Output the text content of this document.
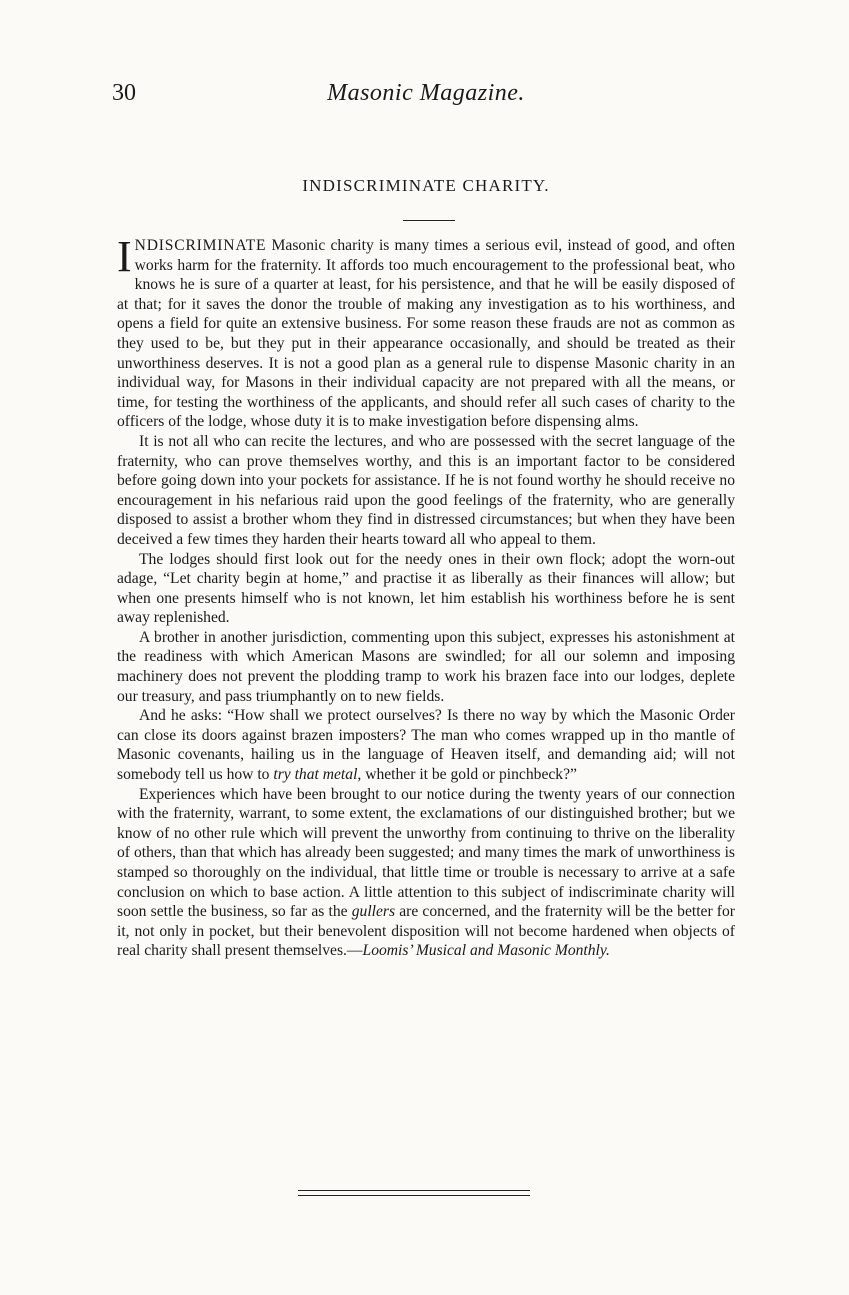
30	Masonic Magazine.
INDISCRIMINATE CHARITY.

INDISCRIMINATE Masonic charity is many times a serious evil, instead of good, and often works harm for the fraternity. It affords too much encouragement to the professional beat, who knows he is sure of a quarter at least, for his persistence, and that he will be easily disposed of at that; for it saves the donor the trouble of making any investigation as to his worthiness, and opens a field for quite an extensive business. For some reason these frauds are not as common as they used to be, but they put in their appearance occasionally, and should be treated as their unworthiness deserves. It is not a good plan as a general rule to dispense Masonic charity in an individual way, for Masons in their individual capacity are not prepared with all the means, or time, for testing the worthiness of the applicants, and should refer all such cases of charity to the officers of the lodge, whose duty it is to make investigation before dispensing alms.

It is not all who can recite the lectures, and who are possessed with the secret language of the fraternity, who can prove themselves worthy, and this is an important factor to be considered before going down into your pockets for assistance. If he is not found worthy he should receive no encouragement in his nefarious raid upon the good feelings of the fraternity, who are generally disposed to assist a brother whom they find in distressed circumstances; but when they have been deceived a few times they harden their hearts toward all who appeal to them.

The lodges should first look out for the needy ones in their own flock; adopt the worn-out adage, “Let charity begin at home,” and practise it as liberally as their finances will allow; but when one presents himself who is not known, let him establish his worthiness before he is sent away replenished.

A brother in another jurisdiction, commenting upon this subject, expresses his astonishment at the readiness with which American Masons are swindled; for all our solemn and imposing machinery does not prevent the plodding tramp to work his brazen face into our lodges, deplete our treasury, and pass triumphantly on to new fields.

And he asks: “How shall we protect ourselves? Is there no way by which the Masonic Order can close its doors against brazen imposters? The man who comes wrapped up in tho mantle of Masonic covenants, hailing us in the language of Heaven itself, and demanding aid; will not somebody tell us how to try that metal, whether it be gold or pinchbeck?”

Experiences which have been brought to our notice during the twenty years of our connection with the fraternity, warrant, to some extent, the exclamations of our distinguished brother; but we know of no other rule which will prevent the unworthy from continuing to thrive on the liberality of others, than that which has already been suggested; and many times the mark of unworthiness is stamped so thoroughly on the individual, that little time or trouble is necessary to arrive at a safe conclusion on which to base action. A little attention to this subject of indiscriminate charity will soon settle the business, so far as the gullers are concerned, and the fraternity will be the better for it, not only in pocket, but their benevolent disposition will not become hardened when objects of real charity shall present themselves.—Loomis’ Musical and Masonic Monthly.
